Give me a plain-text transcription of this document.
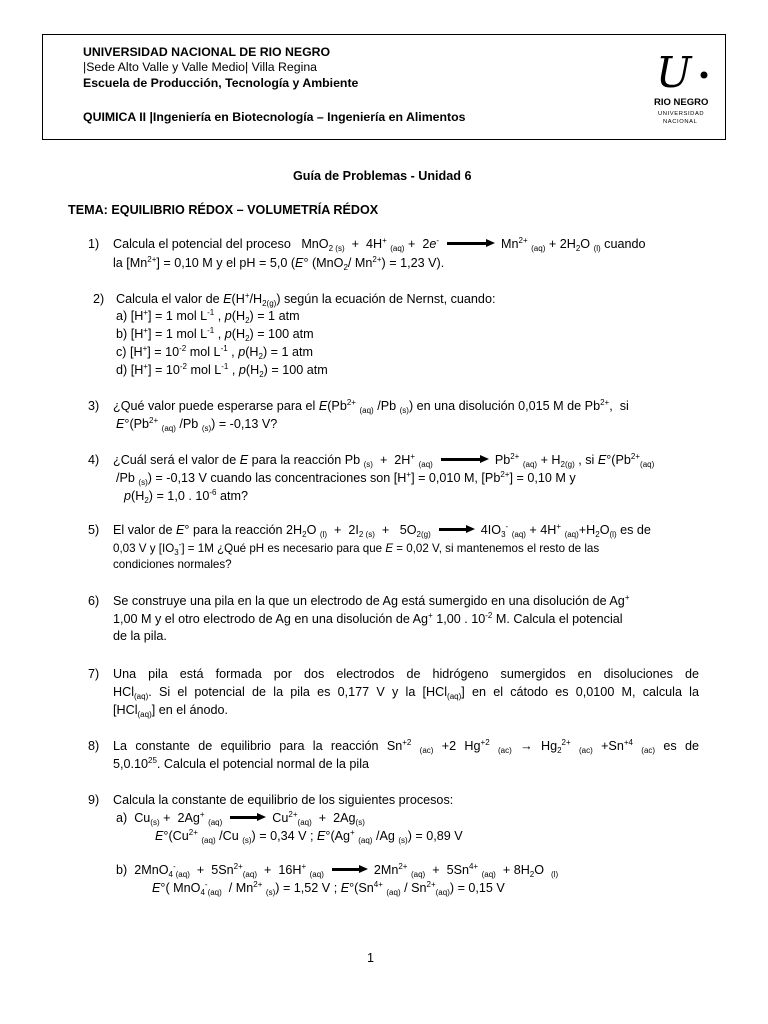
UNIVERSIDAD NACIONAL DE RIO NEGRO
|Sede Alto Valle y Valle Medio| Villa Regina
Escuela de Producción, Tecnología y Ambiente
QUIMICA II |Ingeniería en Biotecnología – Ingeniería en Alimentos
U
RIO NEGRO
UNIVERSIDAD
NACIONAL
Guía de Problemas - Unidad 6
TEMA: EQUILIBRIO RÉDOX – VOLUMETRÍA RÉDOX
1) Calcula el potencial del proceso   MnO$_{2 (s)}$  +  4H+ $_{(aq)}$ +  2e-	$Mn^{2+}$ $_{(aq)} + 2H_2O$ $_{(l)}$ cuando
la $[Mn^{2+}] = 0,10$ M y el pH = 5,0 (E° (MnO$_2$/ $Mn^{2+}) = 1,23$ V).
2) Calcula el valor de $E(H^+/H_{2(g)})$ según la ecuación de Nernst, cuando:
a) [H+] = 1 mol $L^{-1}$ , $p(H_2) = 1$ atm
b) [H+] = 1 mol $L^{-1}$ , $p(H_2) = 100$ atm
c) $[H^+] = 10^{-2}$ mol $L^{-1}$ , $p(H_2) = 1$ atm
d) $[H^+] = 10^{-2}$ mol $L^{-1}$ , $p(H_2) = 100$ atm
3) ¿Qué valor puede esperarse para el $E(Pb^{2+}$ $_{(aq)}$ /Pb $_{(s)}$) en una disolución 0,015 M de $Pb^{2+}$,  si
$E^\circ(Pb^{2+}$ $_{(aq)}$ /Pb $_{(s)}$) = -0,13 V?
4) ¿Cuál será el valor de E para la reacción Pb $_{(s)}$  +  2H+ $_{(aq)}$	$Pb^{2+}$ $_{(aq)} + H_{2(g)}$ , si $E^\circ(Pb^{2+}_{(aq)}$
/Pb $_{(s)}$) = -0,13 V cuando las concentraciones son [H+] = 0,010 M, $[Pb^{2+}] = 0,10$ M y
$p(H_2) = 1,0$ . $10^{-6}$ atm?
5) El valor de E° para la reacción $2H_2O$ $_{(l)} + 2I_{2 (s)} + 5O_{2(g)}$	$4IO_3^-$ $_{(aq)}$ + 4H+ $_{(aq)}+H_2O_{(l)}$ es de
0,03 V y $[IO_3^-] = 1M$ ¿Qué pH es necesario para que E = 0,02 V, si mantenemos el resto de las
condiciones normales?
6) Se construye una pila en la que un electrodo de Ag está sumergido en una disolución de Ag+
1,00 M y el otro electrodo de Ag en una disolución de Ag+ 1,00 . $10^{-2}$ M. Calcula el potencial
de la pila.
7) Una pila está formada por dos electrodos de hidrógeno sumergidos en disoluciones de
HCl$_{(aq)}$. Si el potencial de la pila es 0,177 V y la [HCl$_{(aq)}$] en el cátodo es 0,0100 M, calcula la
[HCl$_{(aq)}$] en el ánodo.
8) La constante de equilibrio para la reacción $Sn^{+2}$ $_{(ac)}$ +2 $Hg^{+2}$ $_{(ac)} \to Hg_2^{2+}$ $_{(ac)} +Sn^{+4}$ $_{(ac)}$ es de
5,0.10$^{25}$. Calcula el potencial normal de la pila
9) Calcula la constante de equilibrio de los siguientes procesos:
a)  $Cu_{(s)} + 2Ag^+$ $_{(aq)}$	$Cu^{2+}_{(aq)} + 2Ag_{(s)}$
$E^\circ(Cu^{2+}$ $_{(aq)}$ /Cu $_{(s)}$) = 0,34 V ; E°(Ag+ $_{(aq)}$ /Ag $_{(s)}$) = 0,89 V
b)  $2MnO_4^-_{(aq)} + 5Sn^{2+}_{(aq)} + 16H^+$ $_{(aq)}$	$2Mn^{2+}$ $_{(aq)} + 5Sn^{4+}$ $_{(aq)} + 8H_2O$  $_{(l)}$
E°( $MnO_4^-_{(aq)} / Mn^{2+}$ $_{(s)}$) = 1,52 V ; $E^\circ(Sn^{4+}$ $_{(aq)} / Sn^{2+}_{(aq)}) = 0,15$ V
1
